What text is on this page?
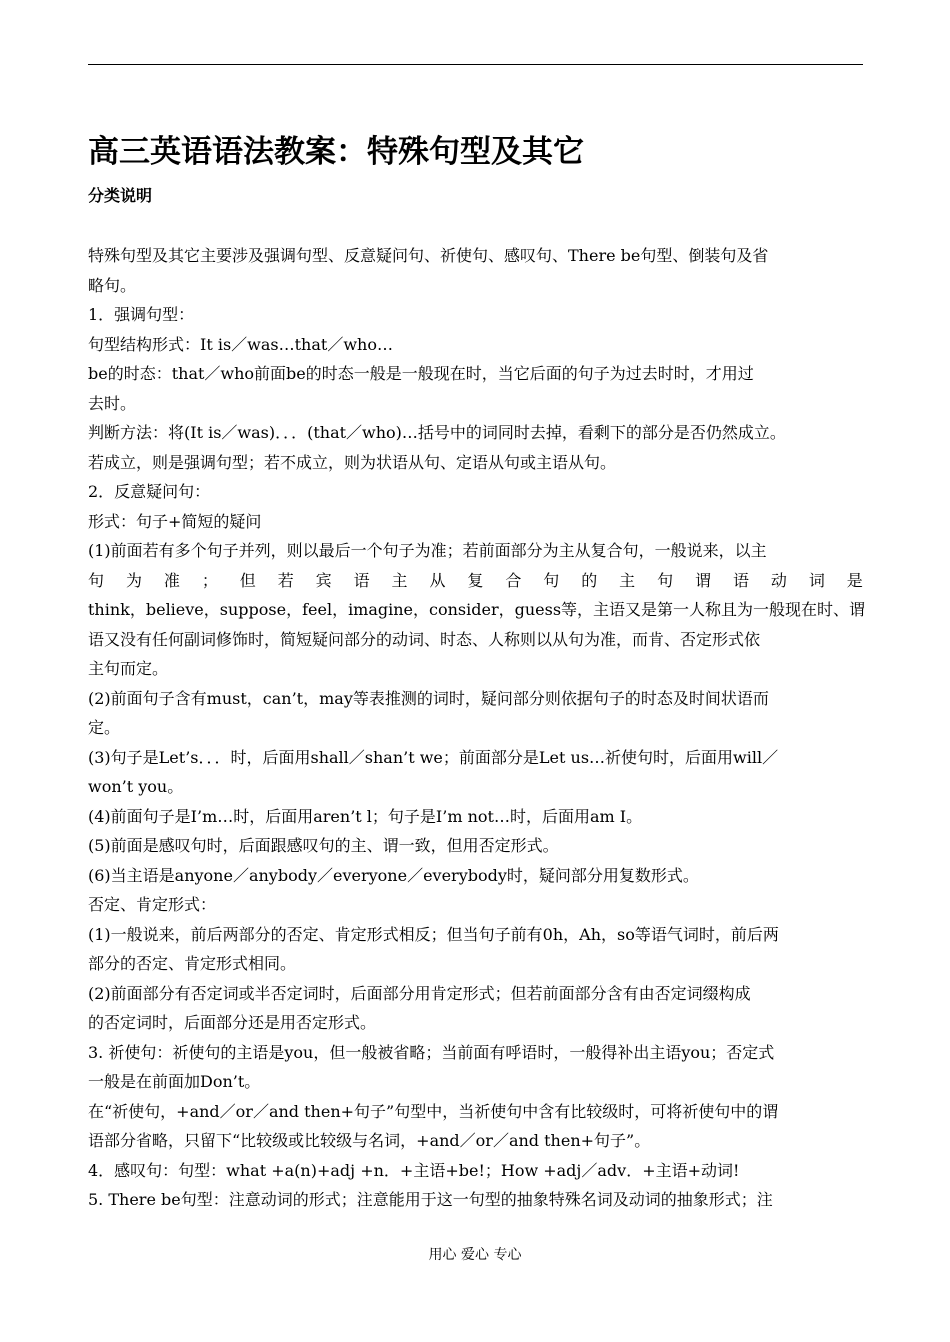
高三英语语法教案：特殊句型及其它
分类说明
特殊句型及其它主要涉及强调句型、反意疑问句、祈使句、感叹句、There be句型、倒装句及省
略句。
1．强调句型：
句型结构形式：It is／was…that／who…
be的时态：that／who前面be的时态一般是一般现在时，当它后面的句子为过去时时，才用过
去时。
判断方法：将(It is／was)．．．(that／who)…括号中的词同时去掉，看剩下的部分是否仍然成立。
若成立，则是强调句型；若不成立，则为状语从句、定语从句或主语从句。
2．反意疑问句：
形式：句子+简短的疑问
(1)前面若有多个句子并列，则以最后一个句子为准；若前面部分为主从复合句，一般说来，以主
句 为 准 ； 但 若 宾 语 主 从 复 合 句 的 主 句 谓 语 动 词 是
think，believe，suppose，feel，imagine，consider，guess等，主语又是第一人称且为一般现在时、谓
语又没有任何副词修饰时，简短疑问部分的动词、时态、人称则以从句为准，而肯、否定形式依
主句而定。
(2)前面句子含有must，can’t，may等表推测的词时，疑问部分则依据句子的时态及时间状语而
定。
(3)句子是Let’s．．．时，后面用shall／shan’t we；前面部分是Let us…祈使句时，后面用will／
won’t you。
(4)前面句子是I’m…时，后面用aren’t l；句子是I’m not…时，后面用am I。
(5)前面是感叹句时，后面跟感叹句的主、谓一致，但用否定形式。
(6)当主语是anyone／anybody／everyone／everybody时，疑问部分用复数形式。
否定、肯定形式：
(1)一般说来，前后两部分的否定、肯定形式相反；但当句子前有0h，Ah，so等语气词时，前后两
部分的否定、肯定形式相同。
(2)前面部分有否定词或半否定词时，后面部分用肯定形式；但若前面部分含有由否定词缀构成
的否定词时，后面部分还是用否定形式。
3. 祈使句：祈使句的主语是you，但一般被省略；当前面有呼语时，一般得补出主语you；否定式
一般是在前面加Don’t。
在“祈使句，+and／or／and then+句子”句型中，当祈使句中含有比较级时，可将祈使句中的谓
语部分省略，只留下“比较级或比较级与名词，+and／or／and then+句子”。
4．感叹句：句型：what +a(n)+adj +n．+主语+be!；How +adj／adv．+主语+动词!
5. There be句型：注意动词的形式；注意能用于这一句型的抽象特殊名词及动词的抽象形式；注
用心 爱心 专心
